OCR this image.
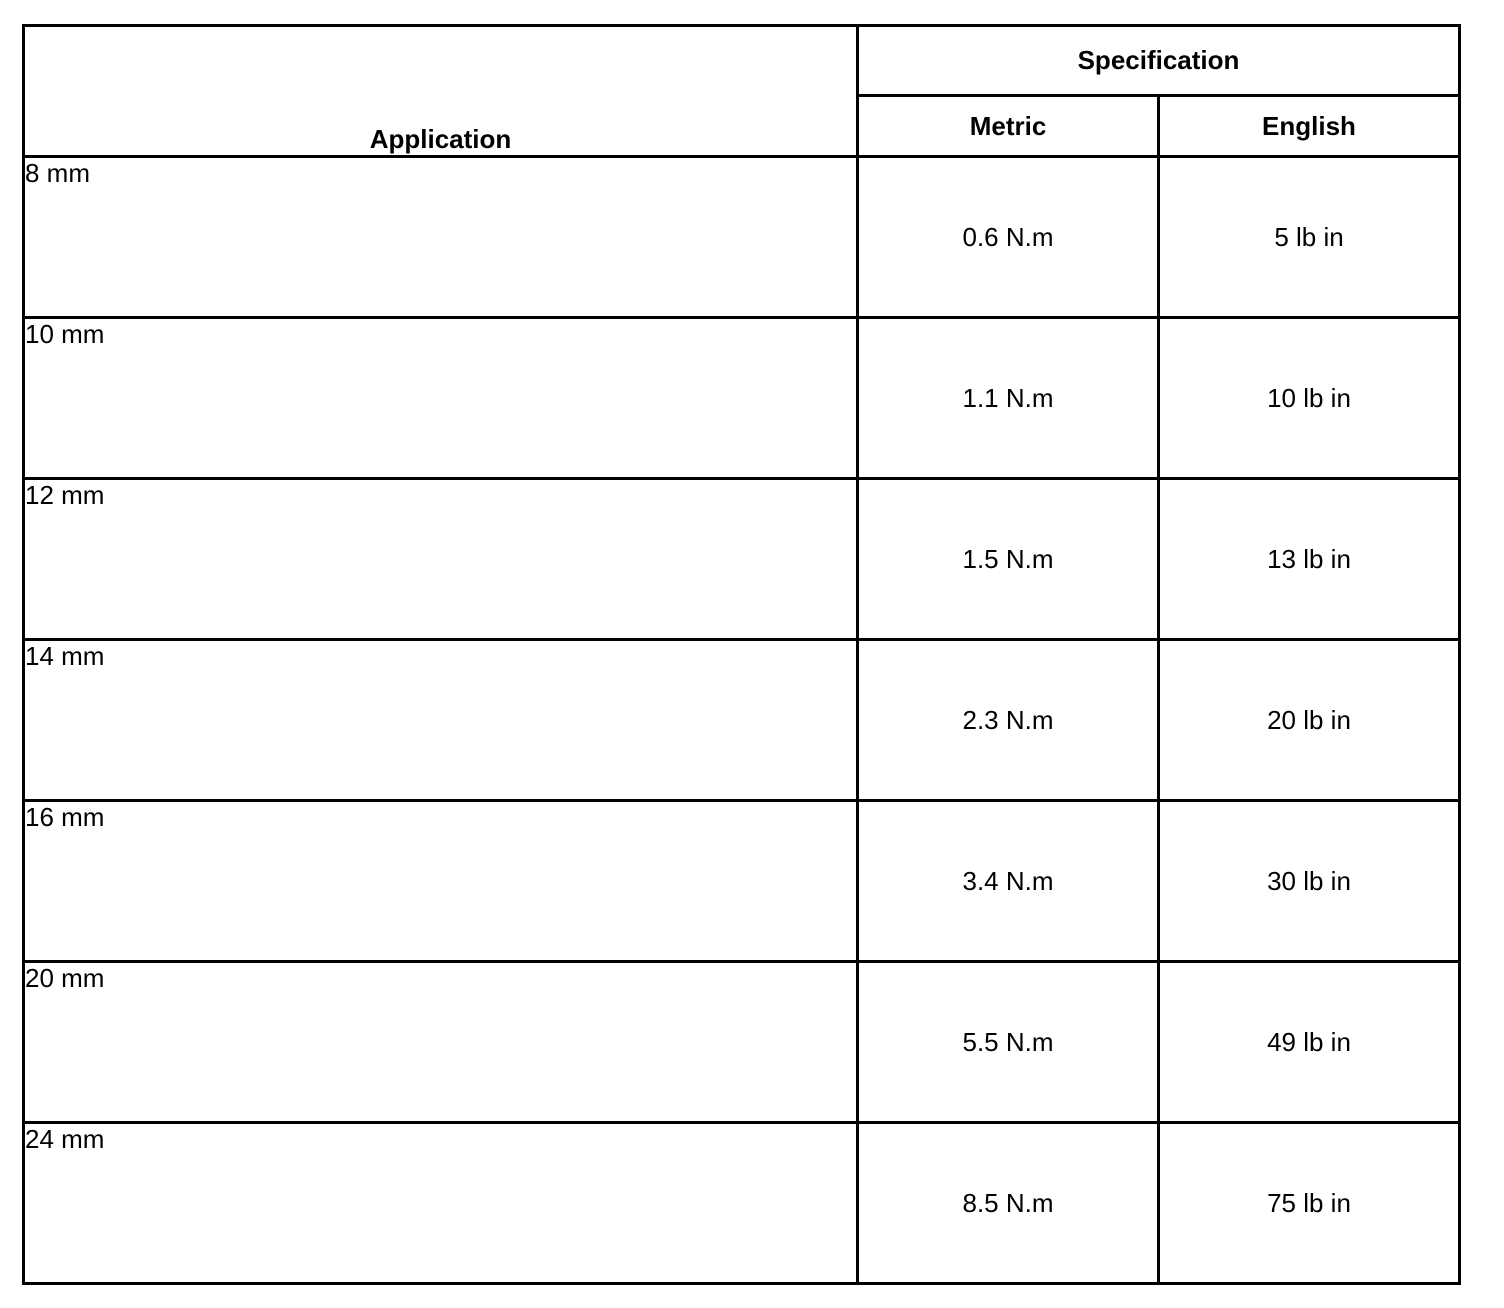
Application	Specification	
	Metric	English
8 mm	0.6 N.m	5 lb in
10 mm	1.1 N.m	10 lb in
12 mm	1.5 N.m	13 lb in
14 mm	2.3 N.m	20 lb in
16 mm	3.4 N.m	30 lb in
20 mm	5.5 N.m	49 lb in
24 mm	8.5 N.m	75 lb in
